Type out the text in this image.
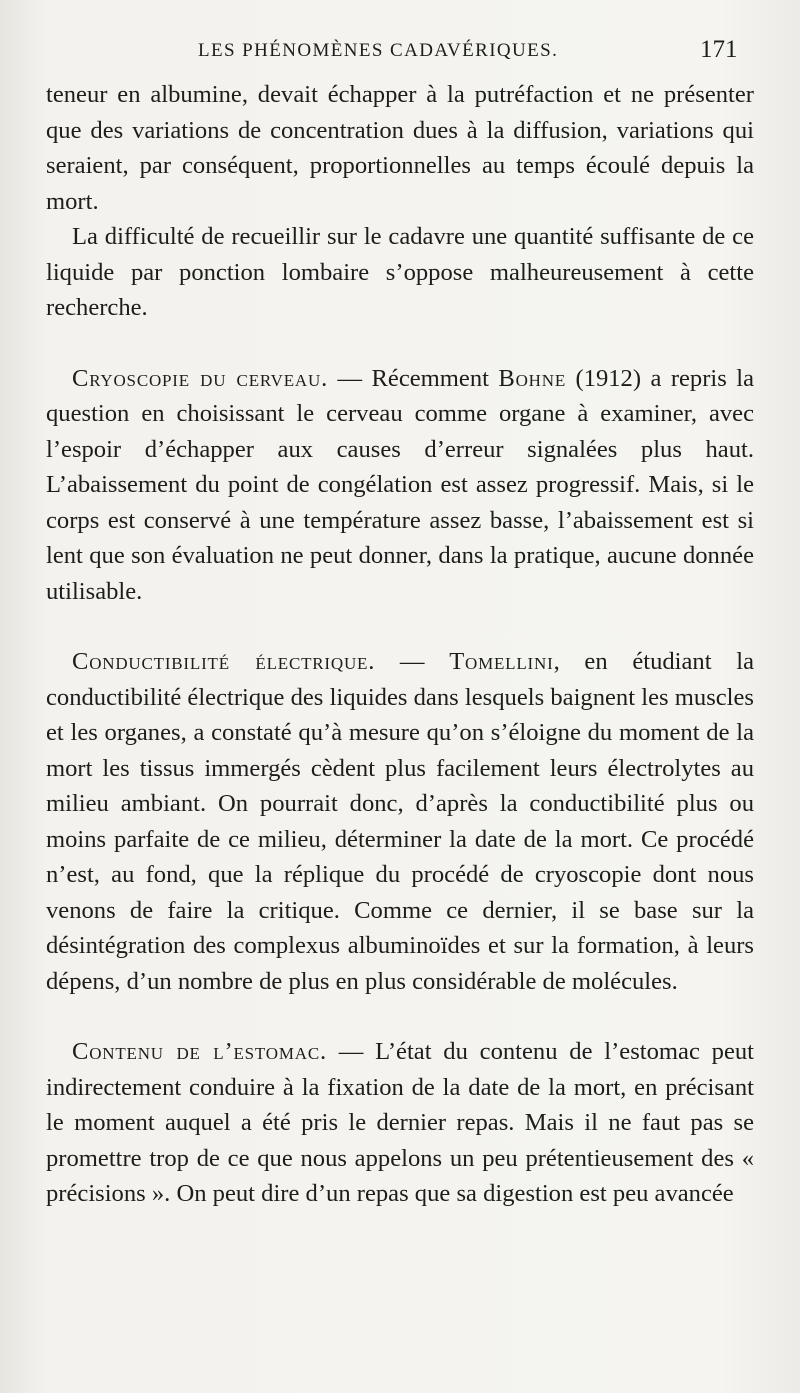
LES PHÉNOMÈNES CADAVÉRIQUES.	171

teneur en albumine, devait échapper à la putréfaction et ne présenter que des variations de concentration dues à la diffusion, variations qui seraient, par conséquent, proportionnelles au temps écoulé depuis la mort.

La difficulté de recueillir sur le cadavre une quantité suffisante de ce liquide par ponction lombaire s’oppose malheureusement à cette recherche.

Cryoscopie du cerveau. — Récemment Bohne (1912) a repris la question en choisissant le cerveau comme organe à examiner, avec l’espoir d’échapper aux causes d’erreur signalées plus haut. L’abaissement du point de congélation est assez progressif. Mais, si le corps est conservé à une température assez basse, l’abaissement est si lent que son évaluation ne peut donner, dans la pratique, aucune donnée utilisable.

Conductibilité électrique. — Tomellini, en étudiant la conductibilité électrique des liquides dans lesquels baignent les muscles et les organes, a constaté qu’à mesure qu’on s’éloigne du moment de la mort les tissus immergés cèdent plus facilement leurs électrolytes au milieu ambiant. On pourrait donc, d’après la conductibilité plus ou moins parfaite de ce milieu, déterminer la date de la mort. Ce procédé n’est, au fond, que la réplique du procédé de cryoscopie dont nous venons de faire la critique. Comme ce dernier, il se base sur la désintégration des complexus albuminoïdes et sur la formation, à leurs dépens, d’un nombre de plus en plus considérable de molécules.

Contenu de l’estomac. — L’état du contenu de l’estomac peut indirectement conduire à la fixation de la date de la mort, en précisant le moment auquel a été pris le dernier repas. Mais il ne faut pas se promettre trop de ce que nous appelons un peu prétentieusement des « précisions ». On peut dire d’un repas que sa digestion est peu avancée
